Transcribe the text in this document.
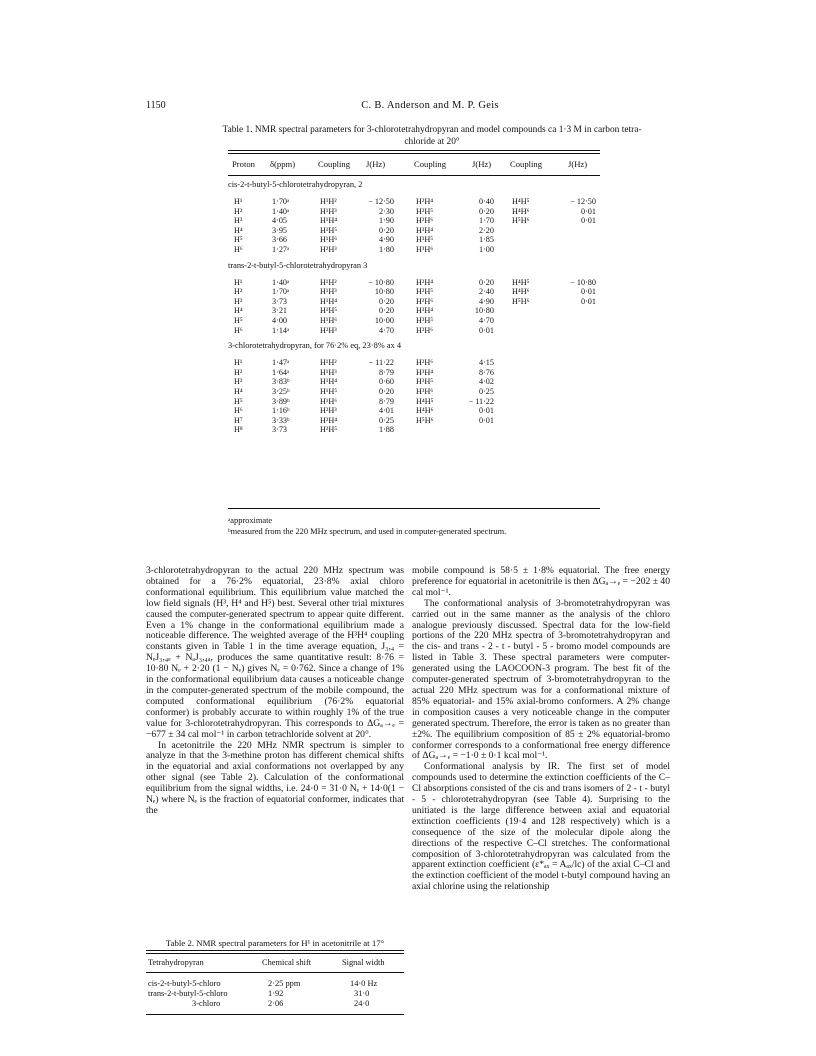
1150	C. B. Anderson and M. P. Geis
Table 1. NMR spectral parameters for 3-chlorotetrahydropyran and model compounds ca 1·3 M in carbon tetra-chloride at 20°
Proton δ(ppm)	Coupling J(Hz)	Coupling	J(Hz) Coupling	J(Hz)
cis-2-t-butyl-5-chlorotetrahydropyran, 2
H¹	1·70ᵃ	H¹H²	− 12·50	H²H⁴	0·40 H⁴H⁵	− 12·50
H²	1·40ᵃ	H¹H³	2·30	H²H⁵	0·20 H⁴H⁶	0·01
H³	4·05	H¹H⁴	1·90	H²H⁶	1·70 H⁵H⁶	0·01
H⁴	3·95	H¹H⁵	0·20	H³H⁴	2·20
H⁵	3·66	H¹H⁶	4·90	H³H⁵	1·85
H⁶	1·27ᵃ	H²H³	1·80	H³H⁶	1·00
trans-2-t-butyl-5-chlorotetrahydropyran 3
H¹	1·40ᵃ	H¹H²	− 10·80	H²H⁴	0·20 H⁴H⁵	− 10·80
H²	1·70ᵃ	H¹H³	10·80	H²H⁵	2·40 H⁴H⁶	0·01
H³	3·73	H¹H⁴	0·20	H²H⁶	4·90 H⁵H⁶	0·01
H⁴	3·21	H¹H⁵	0·20	H³H⁴	10·80
H⁵	4·00	H¹H⁶	10·00	H³H⁵	4·70
H⁶	1·14ᵃ	H²H³	4·70	H³H⁶	0·01
3-chlorotetrahydropyran, for 76·2% eq, 23·8% ax 4
H¹	1·47ᵃ	H¹H²	− 11·22	H²H⁶	4·15
H²	1·64ᵃ	H¹H³	8·79	H³H⁴	8·76
H³	3·83ᵇ	H¹H⁴	0·60	H³H⁵	4·02
H⁴	3·25ᵇ	H¹H⁵	0·20	H³H⁶	0·25
H⁵	3·89ᵇ	H¹H⁶	8·79	H⁴H⁵	− 11·22
H⁶	1·16ᵇ	H²H³	4·01	H⁴H⁶	0·01
H⁷	3·33ᵇ	H²H⁴	0·25	H⁵H⁶	0·01
H⁸	3·73	H²H⁵	1·88
ᵃapproximate
ᵇmeasured from the 220 MHz spectrum, and used in computer-generated spectrum.

3-chlorotetrahydropyran to the actual 220 MHz spectrum was obtained for a 76·2% equatorial, 23·8% axial chloro conformational equilibrium. This equilibrium value matched the low field signals (H³, H⁴ and H⁵) best. Several other trial mixtures caused the computer-generated spectrum to appear quite different. Even a 1% change in the conformational equilibrium made a noticeable difference. The weighted average of the H³H⁴ coupling constants given in Table 1 in the time average equation, J₃,₄ = NₑJ₃,₄ₑ + NₐJ₃,₄ₐ, produces the same quantitative result: 8·76 = 10·80 Nₑ + 2·20 (1 − Nₑ) gives Nₑ = 0·762. Since a change of 1% in the conformational equilibrium data causes a noticeable change in the computer-generated spectrum of the mobile compound, the computed conformational equilibrium (76·2% equatorial conformer) is probably accurate to within roughly 1% of the true value for 3-chlorotetrahydropyran. This corresponds to ΔGₐ→ₑ = −677 ± 34 cal mol⁻¹ in carbon tetrachloride solvent at 20°.

In acetonitrile the 220 MHz NMR spectrum is simpler to analyze in that the 3-methine proton has different chemical shifts in the equatorial and axial conformations not overlapped by any other signal (see Table 2). Calculation of the conformational equilibrium from the signal widths, i.e. 24·0 = 31·0 Nₑ + 14·0(1 − Nₑ) where Nₑ is the fraction of equatorial conformer, indicates that the

Table 2. NMR spectral parameters for H¹ in acetonitrile at 17°
Tetrahydropyran	Chemical shift	Signal width
cis-2-t-butyl-5-chloro	2·25 ppm	14·0 Hz
trans-2-t-butyl-5-chloro	1·92	31·0
3-chloro	2·06	24·0

mobile compound is 58·5 ± 1·8% equatorial. The free energy preference for equatorial in acetonitrile is then ΔGₐ→ₑ = −202 ± 40 cal mol⁻¹.

The conformational analysis of 3-bromotetrahydropyran was carried out in the same manner as the analysis of the chloro analogue previously discussed. Spectral data for the low-field portions of the 220 MHz spectra of 3-bromotetrahydropyran and the cis- and trans - 2 - t - butyl - 5 - bromo model compounds are listed in Table 3. These spectral parameters were computer-generated using the LAOCOON-3 program. The best fit of the computer-generated spectrum of 3-bromotetrahydropyran to the actual 220 MHz spectrum was for a conformational mixture of 85% equatorial- and 15% axial-bromo conformers. A 2% change in composition causes a very noticeable change in the computer generated spectrum. Therefore, the error is taken as no greater than ±2%. The equilibrium composition of 85 ± 2% equatorial-bromo conformer corresponds to a conformational free energy difference of ΔGₐ→ₑ = −1·0 ± 0·1 kcal mol⁻¹.

Conformational analysis by IR. The first set of model compounds used to determine the extinction coefficients of the C–Cl absorptions consisted of the cis and trans isomers of 2 - t - butyl - 5 - chlorotetrahydropyran (see Table 4). Surprising to the unitiated is the large difference between axial and equatorial extinction coefficients (19·4 and 128 respectively) which is a consequence of the size of the molecular dipole along the directions of the respective C–Cl stretches. The conformational composition of 3-chlorotetrahydropyran was calculated from the apparent extinction coefficient (ε*ₐₓ = Aₐₓ/lc) of the axial C–Cl and the extinction coefficient of the model t-butyl compound having an axial chlorine using the relationship
